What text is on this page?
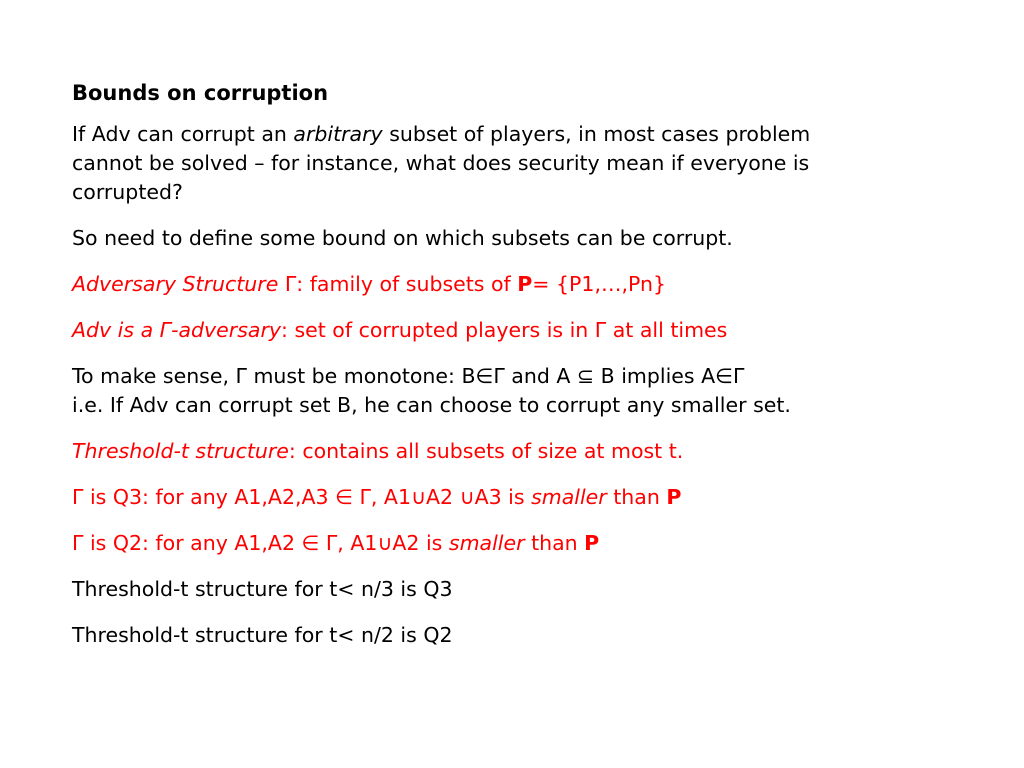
Bounds on corruption
If Adv can corrupt an arbitrary subset of players, in most cases problem
cannot be solved – for instance, what does security mean if everyone is
corrupted?
So need to define some bound on which subsets can be corrupt.
Adversary Structure Γ: family of subsets of P= {P1,…,Pn}
Adv is a Γ-adversary: set of corrupted players is in Γ at all times
To make sense, Γ must be monotone: B∈Γ and A ⊆ B implies A∈Γ
i.e. If Adv can corrupt set B, he can choose to corrupt any smaller set.
Threshold-t structure: contains all subsets of size at most t.
Γ is Q3: for any A1,A2,A3 ∈ Γ, A1∪A2 ∪A3 is smaller than P
Γ is Q2: for any A1,A2 ∈ Γ, A1∪A2 is smaller than P
Threshold-t structure for t< n/3 is Q3
Threshold-t structure for t< n/2 is Q2
